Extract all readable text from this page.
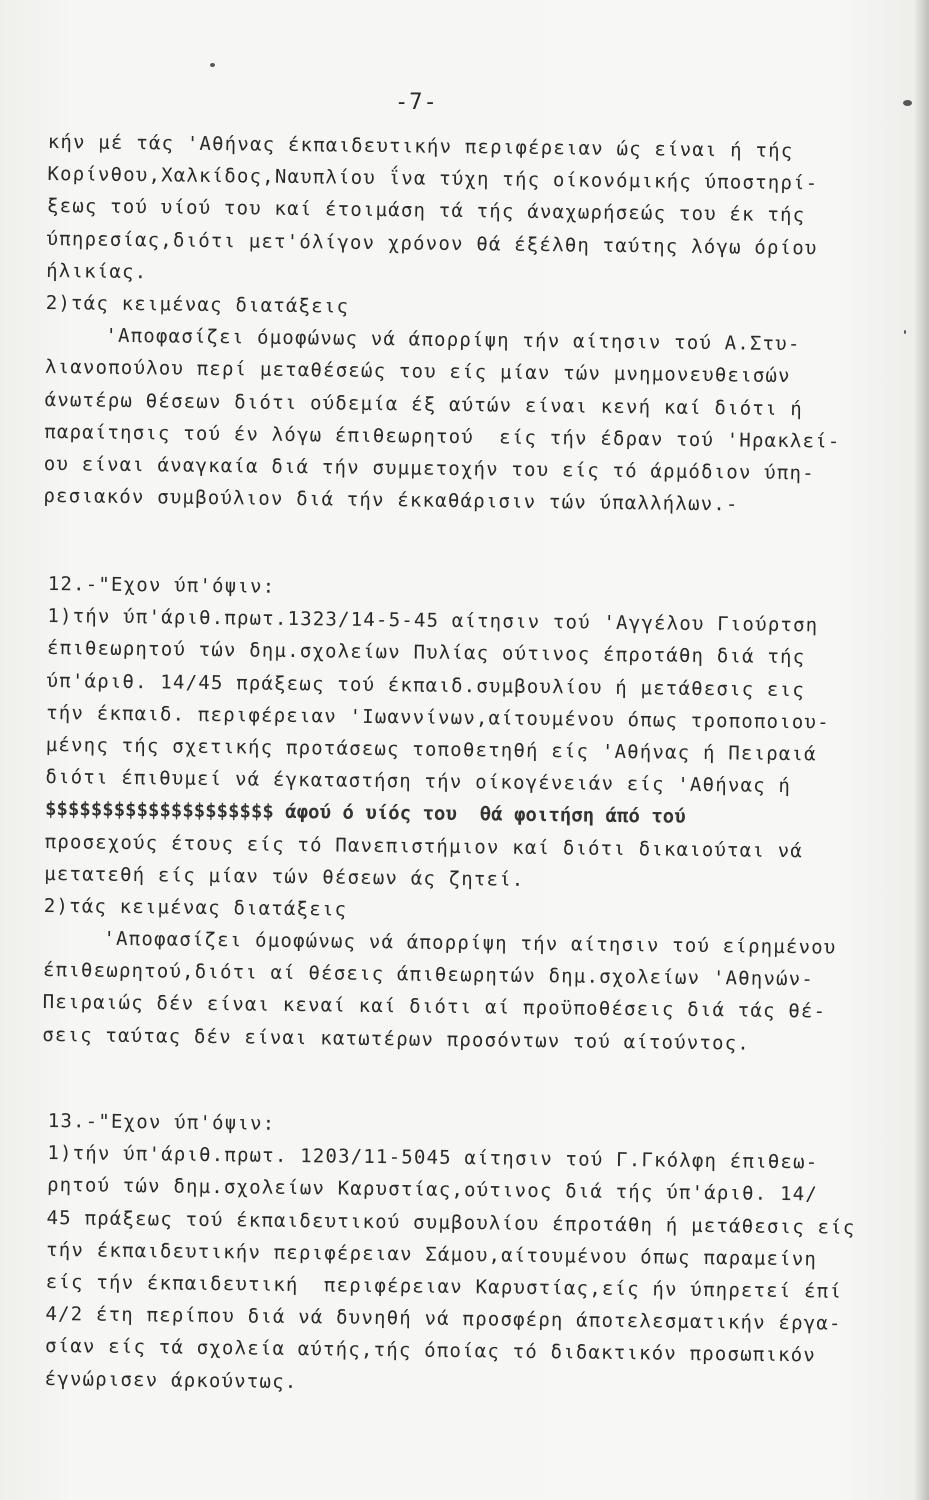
-7-
κήν μέ τάς 'Αθήνας έκπαιδευτικήν περιφέρειαν ώς είναι ή τής
Κορίνθου,Χαλκίδος,Ναυπλίου ΐνα τύχη τής οίκονόμικής ύποστηρί-
ξεως τού υίού του καί έτοιμάση τά τής άναχωρήσεώς του έκ τής
ύπηρεσίας,διότι μετ'όλίγον χρόνον θά έξέλθη ταύτης λόγω όρίου
ήλικίας.
2)τάς κειμένας διατάξεις
'Αποφασίζει όμοφώνως νά άπορρίψη τήν αίτησιν τού Α.Στυ-
λιανοπούλου περί μεταθέσεώς του είς μίαν τών μνημονευθεισών
άνωτέρω θέσεων διότι ούδεμία έξ αύτών είναι κενή καί διότι ή
παραίτησις τού έν λόγω έπιθεωρητού  είς τήν έδραν τού 'Ηρακλεί-
ου είναι άναγκαία διά τήν συμμετοχήν του είς τό άρμόδιον ύπη-
ρεσιακόν συμβούλιον διά τήν έκκαθάρισιν τών ύπαλλήλων.-
12.-"Εχον ύπ'όψιν:
1)τήν ύπ'άριθ.πρωτ.1323/14-5-45 αίτησιν τού 'Αγγέλου Γιούρτση
έπιθεωρητού τών δημ.σχολείων Πυλίας ούτινος έπροτάθη διά τής
ύπ'άριθ. 14/45 πράξεως τού έκπαιδ.συμβουλίου ή μετάθεσις εις
τήν έκπαιδ. περιφέρειαν 'Ιωαννίνων,αίτουμένου όπως τροποποιου-
μένης τής σχετικής προτάσεως τοποθετηθή είς 'Αθήνας ή Πειραιά
διότι έπιθυμεί νά έγκαταστήση τήν οίκογένειάν είς 'Αθήνας ή
$$$$$$$$$$$$$$$$$$$$ άφού ό υίός του  θά φοιτήση άπό τού
προσεχούς έτους είς τό Πανεπιστήμιον καί διότι δικαιούται νά
μετατεθή είς μίαν τών θέσεων άς ζητεί.
2)τάς κειμένας διατάξεις
'Αποφασίζει όμοφώνως νά άπορρίψη τήν αίτησιν τού είρημένου
έπιθεωρητού,διότι αί θέσεις άπιθεωρητών δημ.σχολείων 'Αθηνών-
Πειραιώς δέν είναι κεναί καί διότι αί προϋποθέσεις διά τάς θέ-
σεις ταύτας δέν είναι κατωτέρων προσόντων τού αίτούντος.
13.-"Εχον ύπ'όψιν:
1)τήν ύπ'άριθ.πρωτ. 1203/11-5045 αίτησιν τού Γ.Γκόλφη έπιθεω-
ρητού τών δημ.σχολείων Καρυστίας,ούτινος διά τής ύπ'άριθ. 14/
45 πράξεως τού έκπαιδευτικού συμβουλίου έπροτάθη ή μετάθεσις είς
τήν έκπαιδευτικήν περιφέρειαν Σάμου,αίτουμένου όπως παραμείνη
είς τήν έκπαιδευτική  περιφέρειαν Καρυστίας,είς ήν ύπηρετεί έπί
4/2 έτη περίπου διά νά δυνηθή νά προσφέρη άποτελεσματικήν έργα-
σίαν είς τά σχολεία αύτής,τής όποίας τό διδακτικόν προσωπικόν
έγνώρισεν άρκούντως.
